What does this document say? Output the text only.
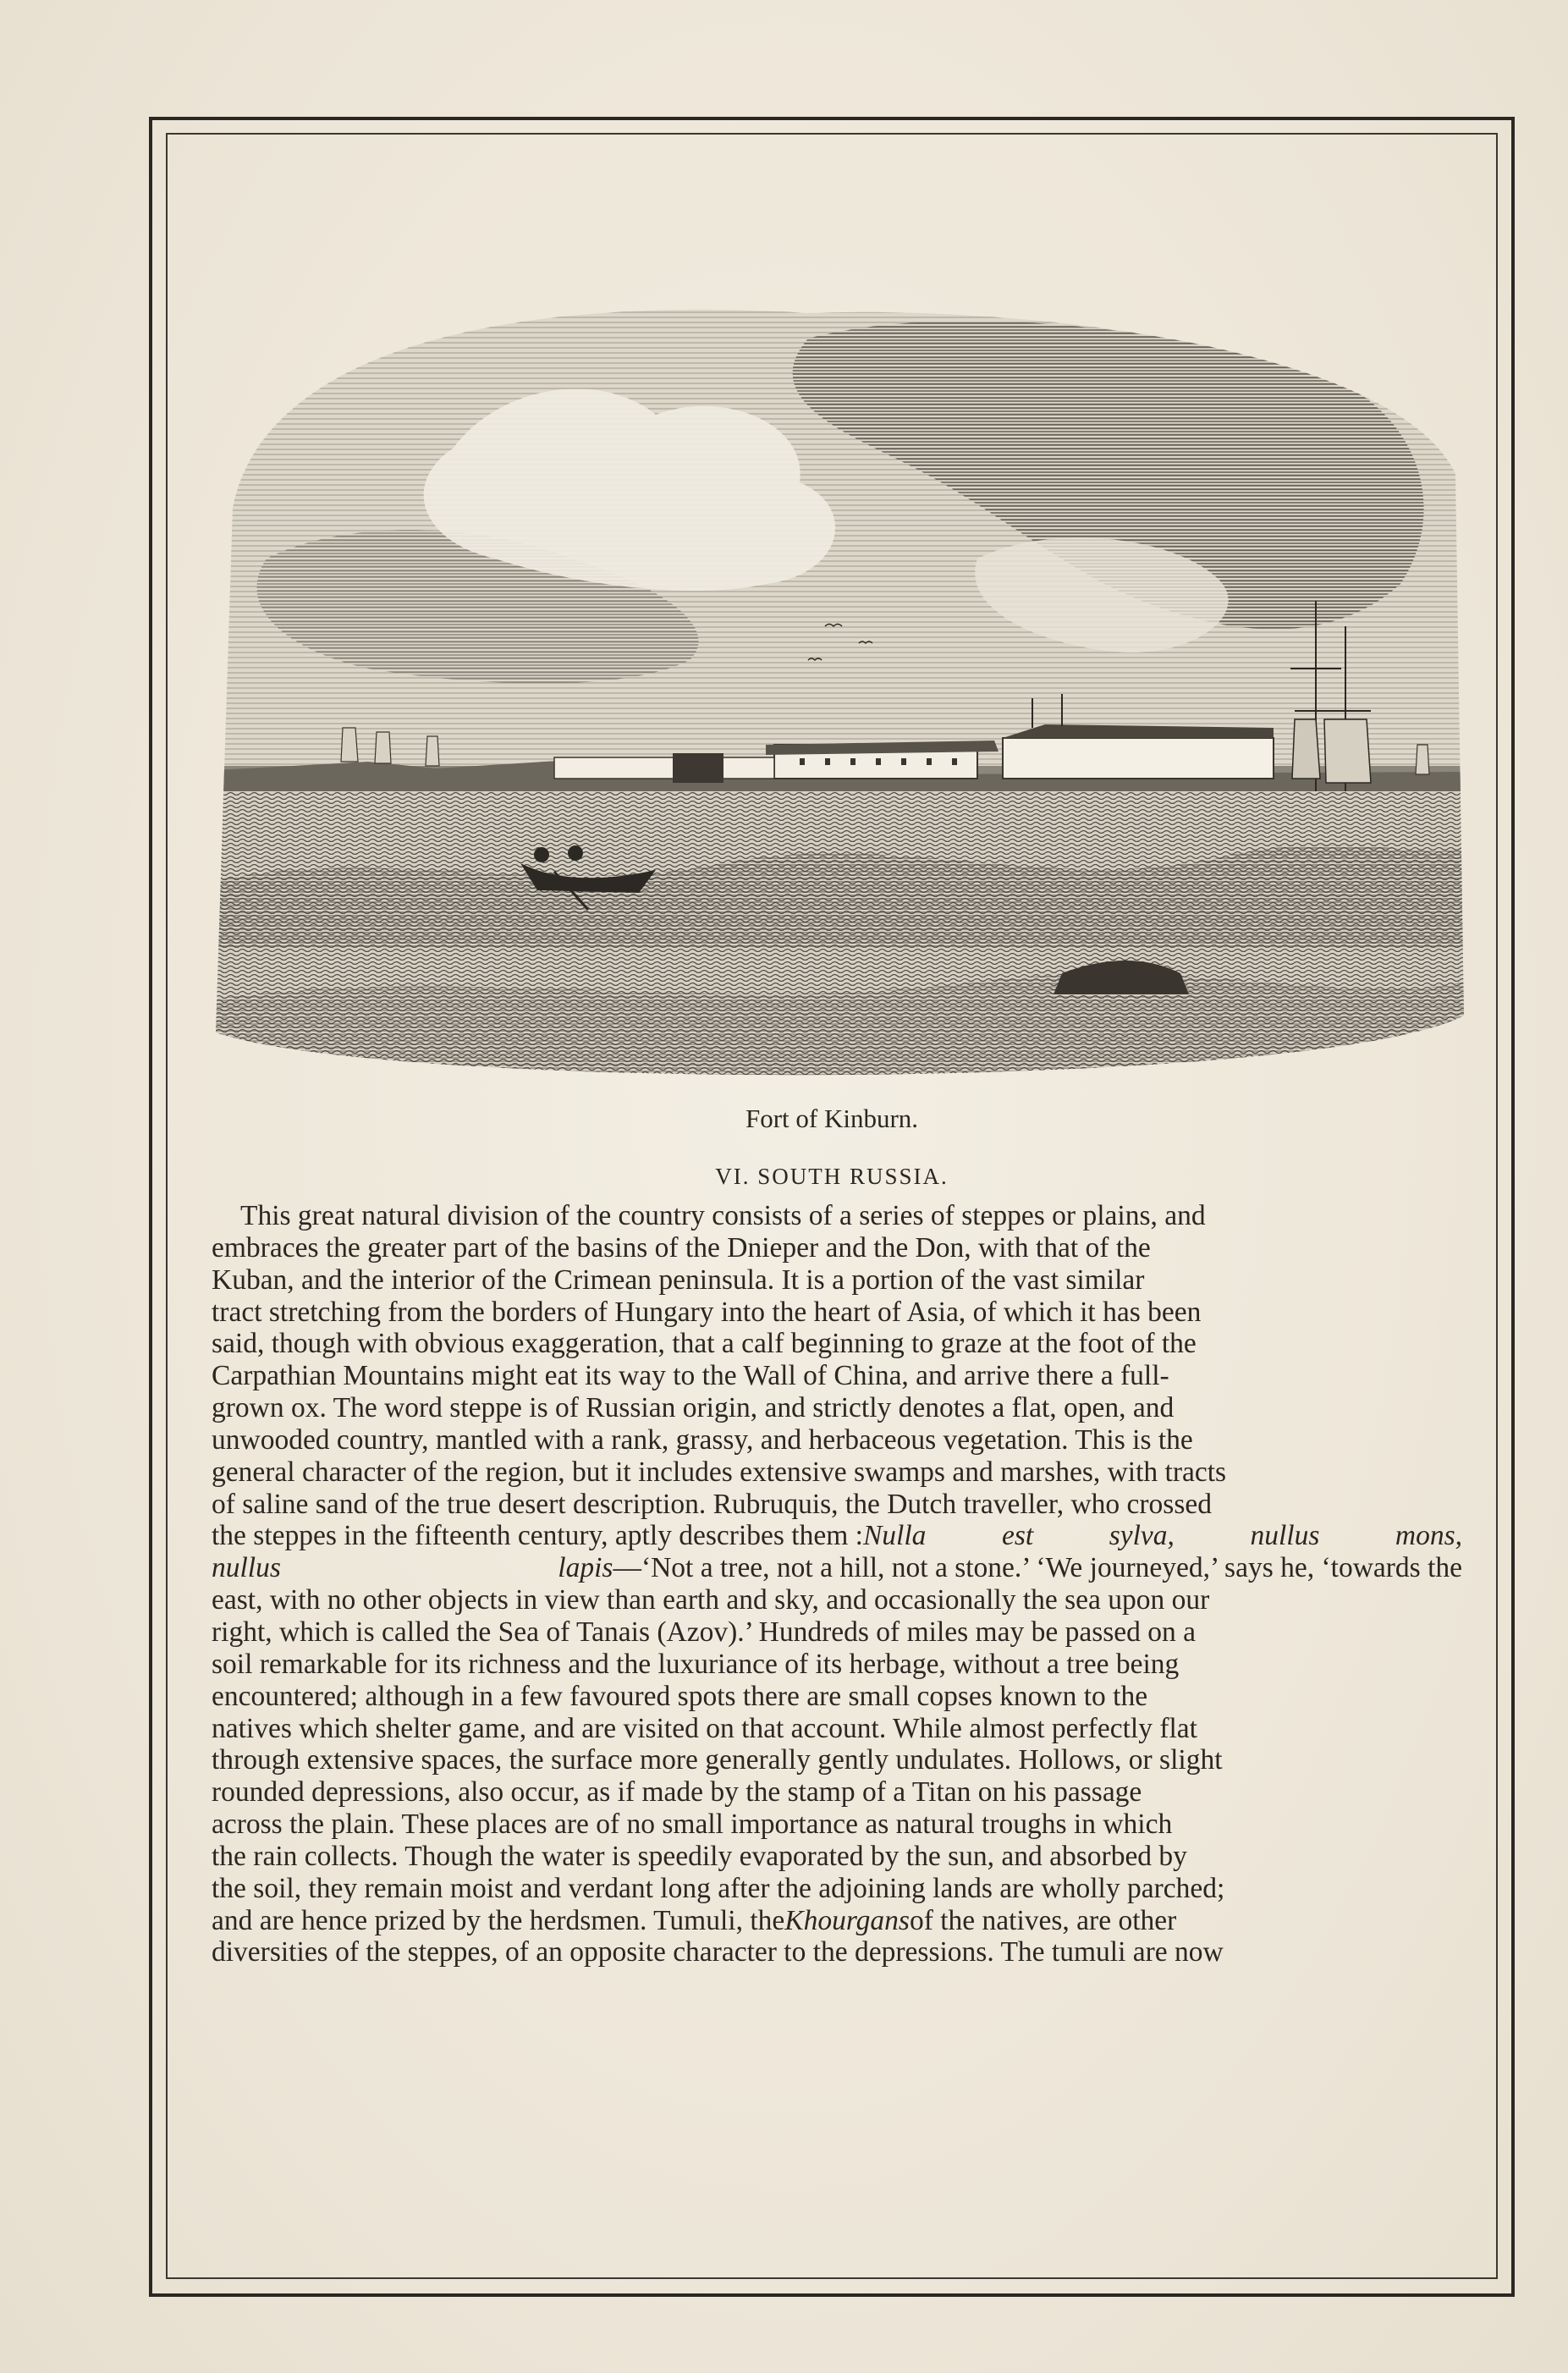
Fort of Kinburn.
VI. SOUTH RUSSIA.
This great natural division of the country consists of a series of steppes or plains, and
embraces the greater part of the basins of the Dnieper and the Don, with that of the
Kuban, and the interior of the Crimean peninsula. It is a portion of the vast similar
tract stretching from the borders of Hungary into the heart of Asia, of which it has been
said, though with obvious exaggeration, that a calf beginning to graze at the foot of the
Carpathian Mountains might eat its way to the Wall of China, and arrive there a full-
grown ox. The word steppe is of Russian origin, and strictly denotes a flat, open, and
unwooded country, mantled with a rank, grassy, and herbaceous vegetation. This is the
general character of the region, but it includes extensive swamps and marshes, with tracts
of saline sand of the true desert description. Rubruquis, the Dutch traveller, who crossed
the steppes in the fifteenth century, aptly describes them :Nulla est sylva, nullus mons,
nullus lapis—‘Not a tree, not a hill, not a stone.’ ‘We journeyed,’ says he, ‘towards the
east, with no other objects in view than earth and sky, and occasionally the sea upon our
right, which is called the Sea of Tanais (Azov).’ Hundreds of miles may be passed on a
soil remarkable for its richness and the luxuriance of its herbage, without a tree being
encountered; although in a few favoured spots there are small copses known to the
natives which shelter game, and are visited on that account. While almost perfectly flat
through extensive spaces, the surface more generally gently undulates. Hollows, or slight
rounded depressions, also occur, as if made by the stamp of a Titan on his passage
across the plain. These places are of no small importance as natural troughs in which
the rain collects. Though the water is speedily evaporated by the sun, and absorbed by
the soil, they remain moist and verdant long after the adjoining lands are wholly parched;
and are hence prized by the herdsmen. Tumuli, theKhourgansof the natives, are other
diversities of the steppes, of an opposite character to the depressions. The tumuli are now
